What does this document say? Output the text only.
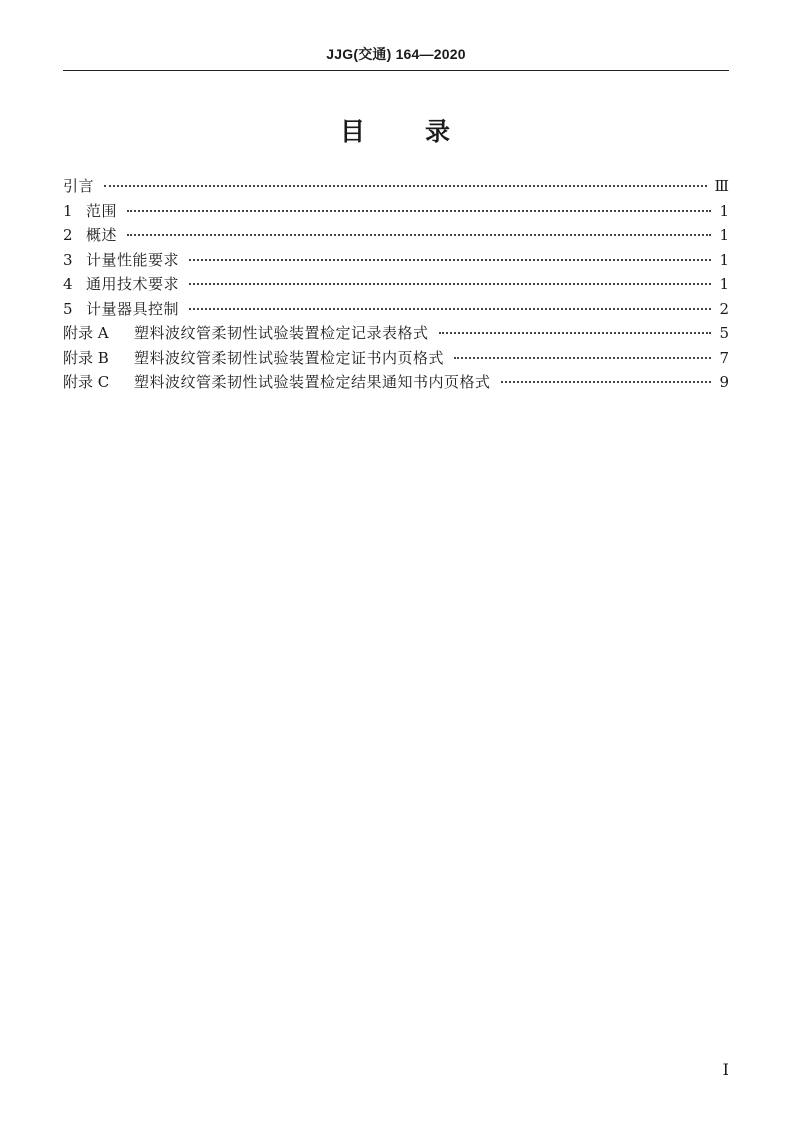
JJG(交通) 164—2020
目录
引言	Ⅲ
1 范围	1
2 概述	1
3 计量性能要求	1
4 通用技术要求	1
5 计量器具控制	2
附录 A	塑料波纹管柔韧性试验装置检定记录表格式	5
附录 B	塑料波纹管柔韧性试验装置检定证书内页格式	7
附录 C	塑料波纹管柔韧性试验装置检定结果通知书内页格式	9
I
